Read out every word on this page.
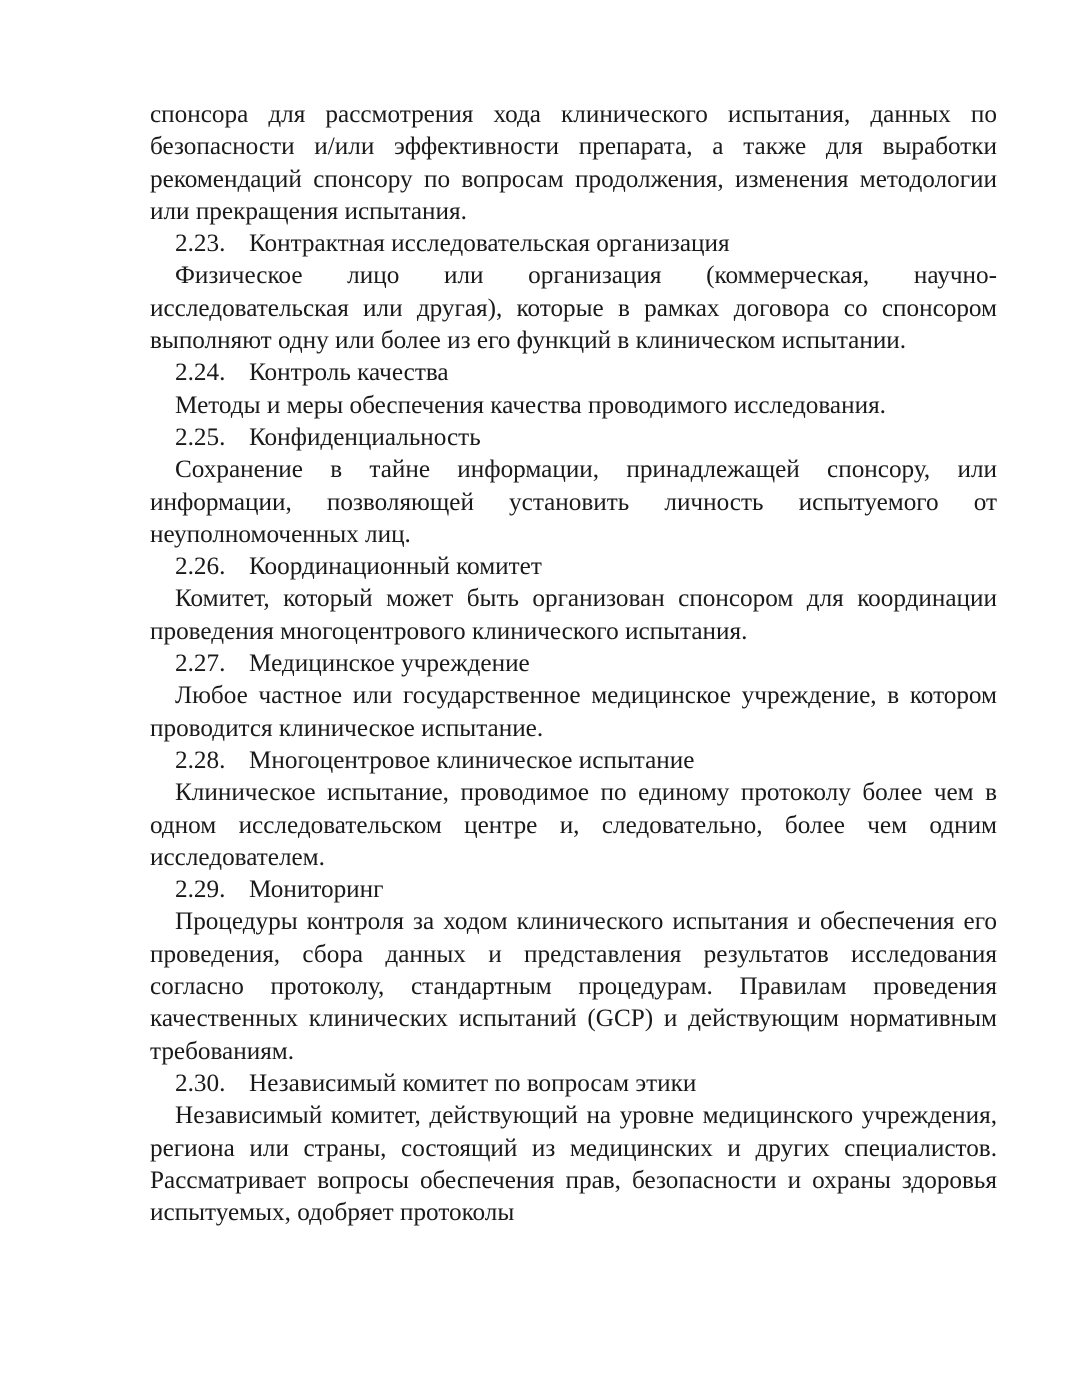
спонсора для рассмотрения хода клинического испытания, данных по безопасности и/или эффективности препарата, а также для выработки рекомендаций спонсору по вопросам продолжения, изменения методологии или прекращения испытания.

2.23. Контрактная исследовательская организация

Физическое лицо или организация (коммерческая, научно-исследовательская или другая), которые в рамках договора со спонсором выполняют одну или более из его функций в клиническом испытании.

2.24. Контроль качества

Методы и меры обеспечения качества проводимого исследования.

2.25. Конфиденциальность

Сохранение в тайне информации, принадлежащей спонсору, или информации, позволяющей установить личность испытуемого от неуполномоченных лиц.

2.26. Координационный комитет

Комитет, который может быть организован спонсором для координации проведения многоцентрового клинического испытания.

2.27. Медицинское учреждение

Любое частное или государственное медицинское учреждение, в котором проводится клиническое испытание.

2.28. Многоцентровое клиническое испытание

Клиническое испытание, проводимое по единому протоколу более чем в одном исследовательском центре и, следовательно, более чем одним исследователем.

2.29. Мониторинг

Процедуры контроля за ходом клинического испытания и обеспечения его проведения, сбора данных и представления результатов исследования согласно протоколу, стандартным процедурам. Правилам проведения качественных клинических испытаний (GCP) и действующим нормативным требованиям.

2.30. Независимый комитет по вопросам этики

Независимый комитет, действующий на уровне медицинского учреждения, региона или страны, состоящий из медицинских и других специалистов. Рассматривает вопросы обеспечения прав, безопасности и охраны здоровья испытуемых, одобряет протоколы
